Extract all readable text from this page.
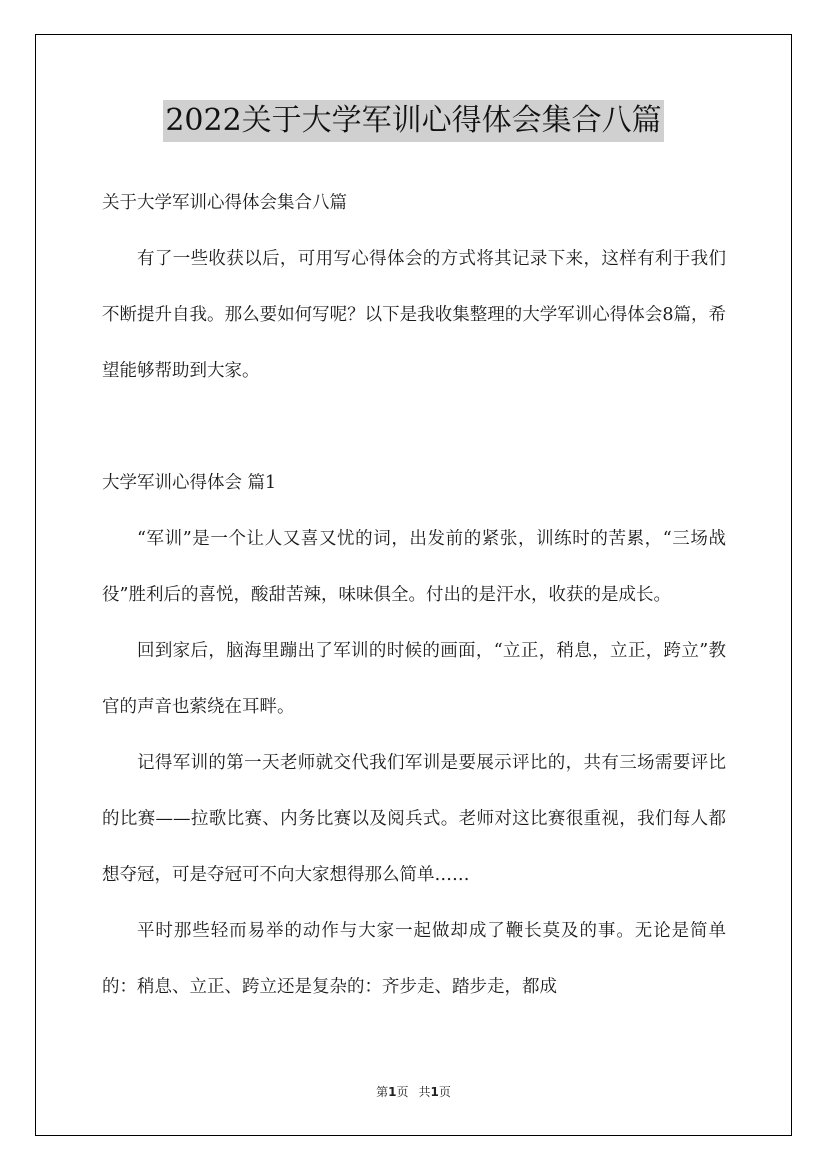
2022关于大学军训心得体会集合八篇

关于大学军训心得体会集合八篇

有了一些收获以后，可用写心得体会的方式将其记录下来，这样有利于我们不断提升自我。那么要如何写呢？以下是我收集整理的大学军训心得体会8篇，希望能够帮助到大家。

大学军训心得体会 篇1

“军训”是一个让人又喜又忧的词，出发前的紧张，训练时的苦累，“三场战役”胜利后的喜悦，酸甜苦辣，味味俱全。付出的是汗水，收获的是成长。

回到家后，脑海里蹦出了军训的时候的画面，“立正，稍息，立正，跨立”教官的声音也萦绕在耳畔。

记得军训的第一天老师就交代我们军训是要展示评比的，共有三场需要评比的比赛——拉歌比赛、内务比赛以及阅兵式。老师对这比赛很重视，我们每人都想夺冠，可是夺冠可不向大家想得那么简单……

平时那些轻而易举的动作与大家一起做却成了鞭长莫及的事。无论是简单的：稍息、立正、跨立还是复杂的：齐步走、踏步走，都成

第1页 共1页
